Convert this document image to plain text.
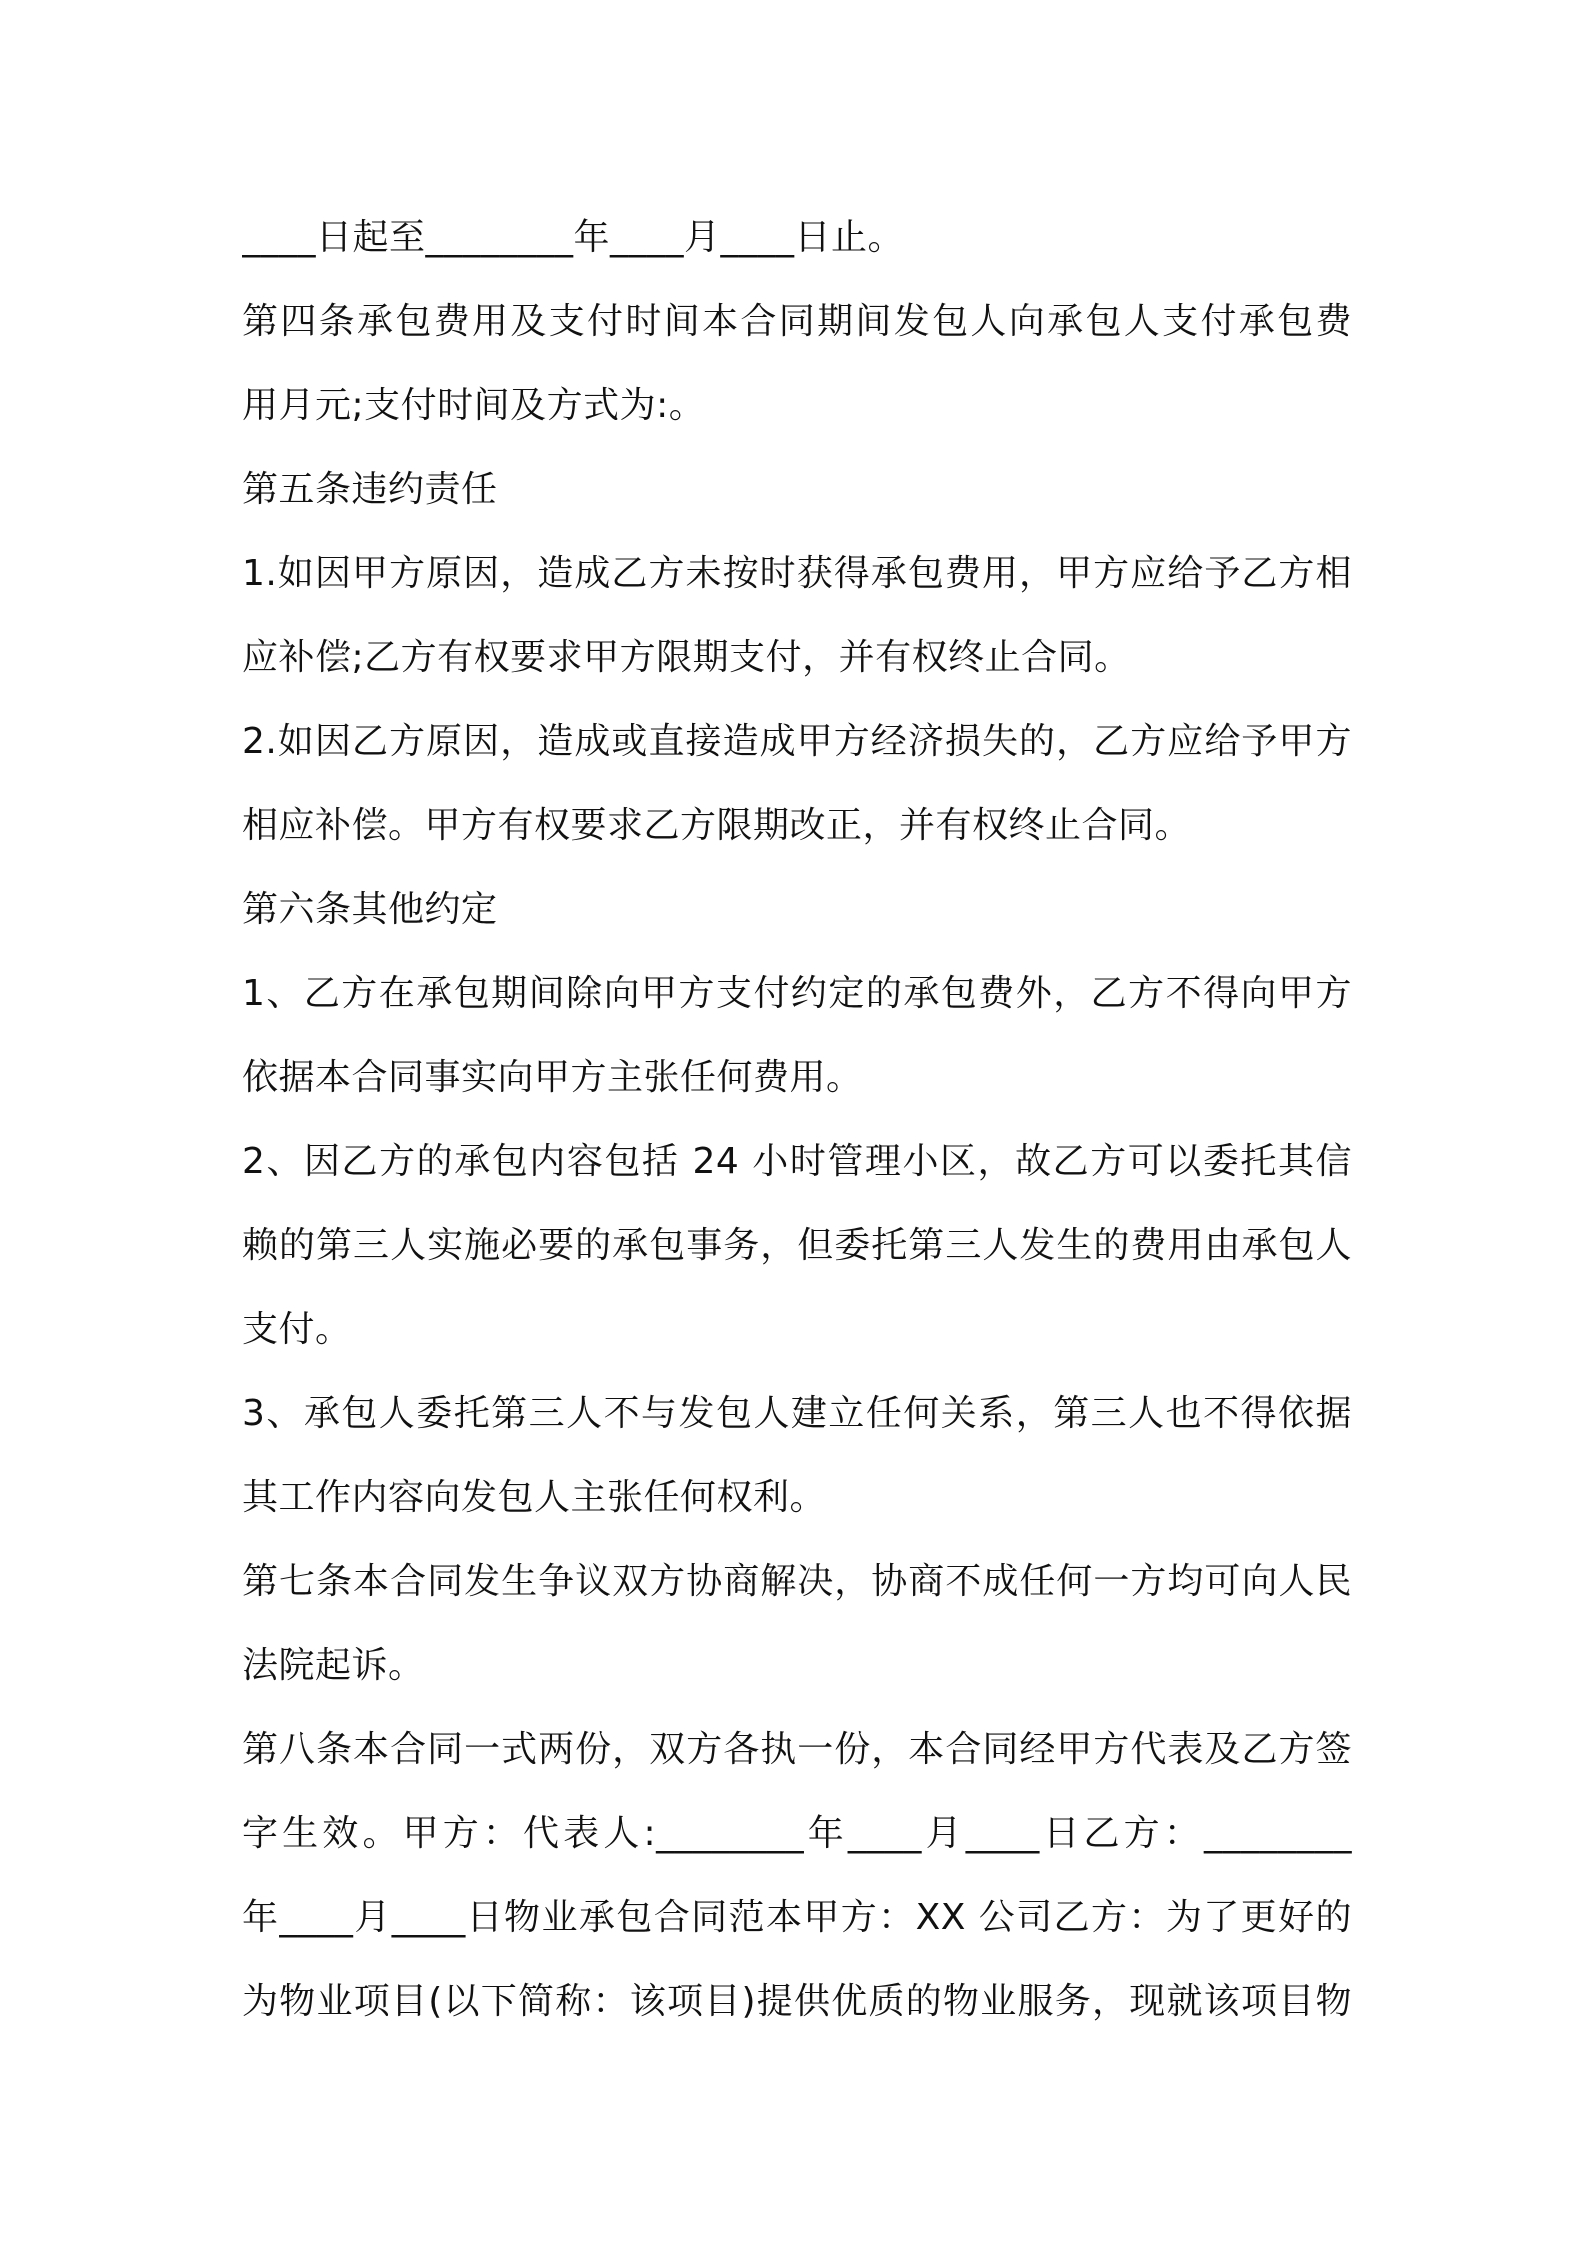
____日起至________年____月____日止。
第四条承包费用及支付时间本合同期间发包人向承包人支付承包费
用月元;支付时间及方式为:。
第五条违约责任
1.如因甲方原因，造成乙方未按时获得承包费用，甲方应给予乙方相
应补偿;乙方有权要求甲方限期支付，并有权终止合同。
2.如因乙方原因，造成或直接造成甲方经济损失的，乙方应给予甲方
相应补偿。甲方有权要求乙方限期改正，并有权终止合同。
第六条其他约定
1、乙方在承包期间除向甲方支付约定的承包费外，乙方不得向甲方
依据本合同事实向甲方主张任何费用。
2、因乙方的承包内容包括 24 小时管理小区，故乙方可以委托其信
赖的第三人实施必要的承包事务，但委托第三人发生的费用由承包人
支付。
3、承包人委托第三人不与发包人建立任何关系，第三人也不得依据
其工作内容向发包人主张任何权利。
第七条本合同发生争议双方协商解决，协商不成任何一方均可向人民
法院起诉。
第八条本合同一式两份，双方各执一份，本合同经甲方代表及乙方签
字生效。甲方：代表人:________年____月____日乙方：________
年____月____日物业承包合同范本甲方：XX 公司乙方：为了更好的
为物业项目(以下简称：该项目)提供优质的物业服务，现就该项目物
